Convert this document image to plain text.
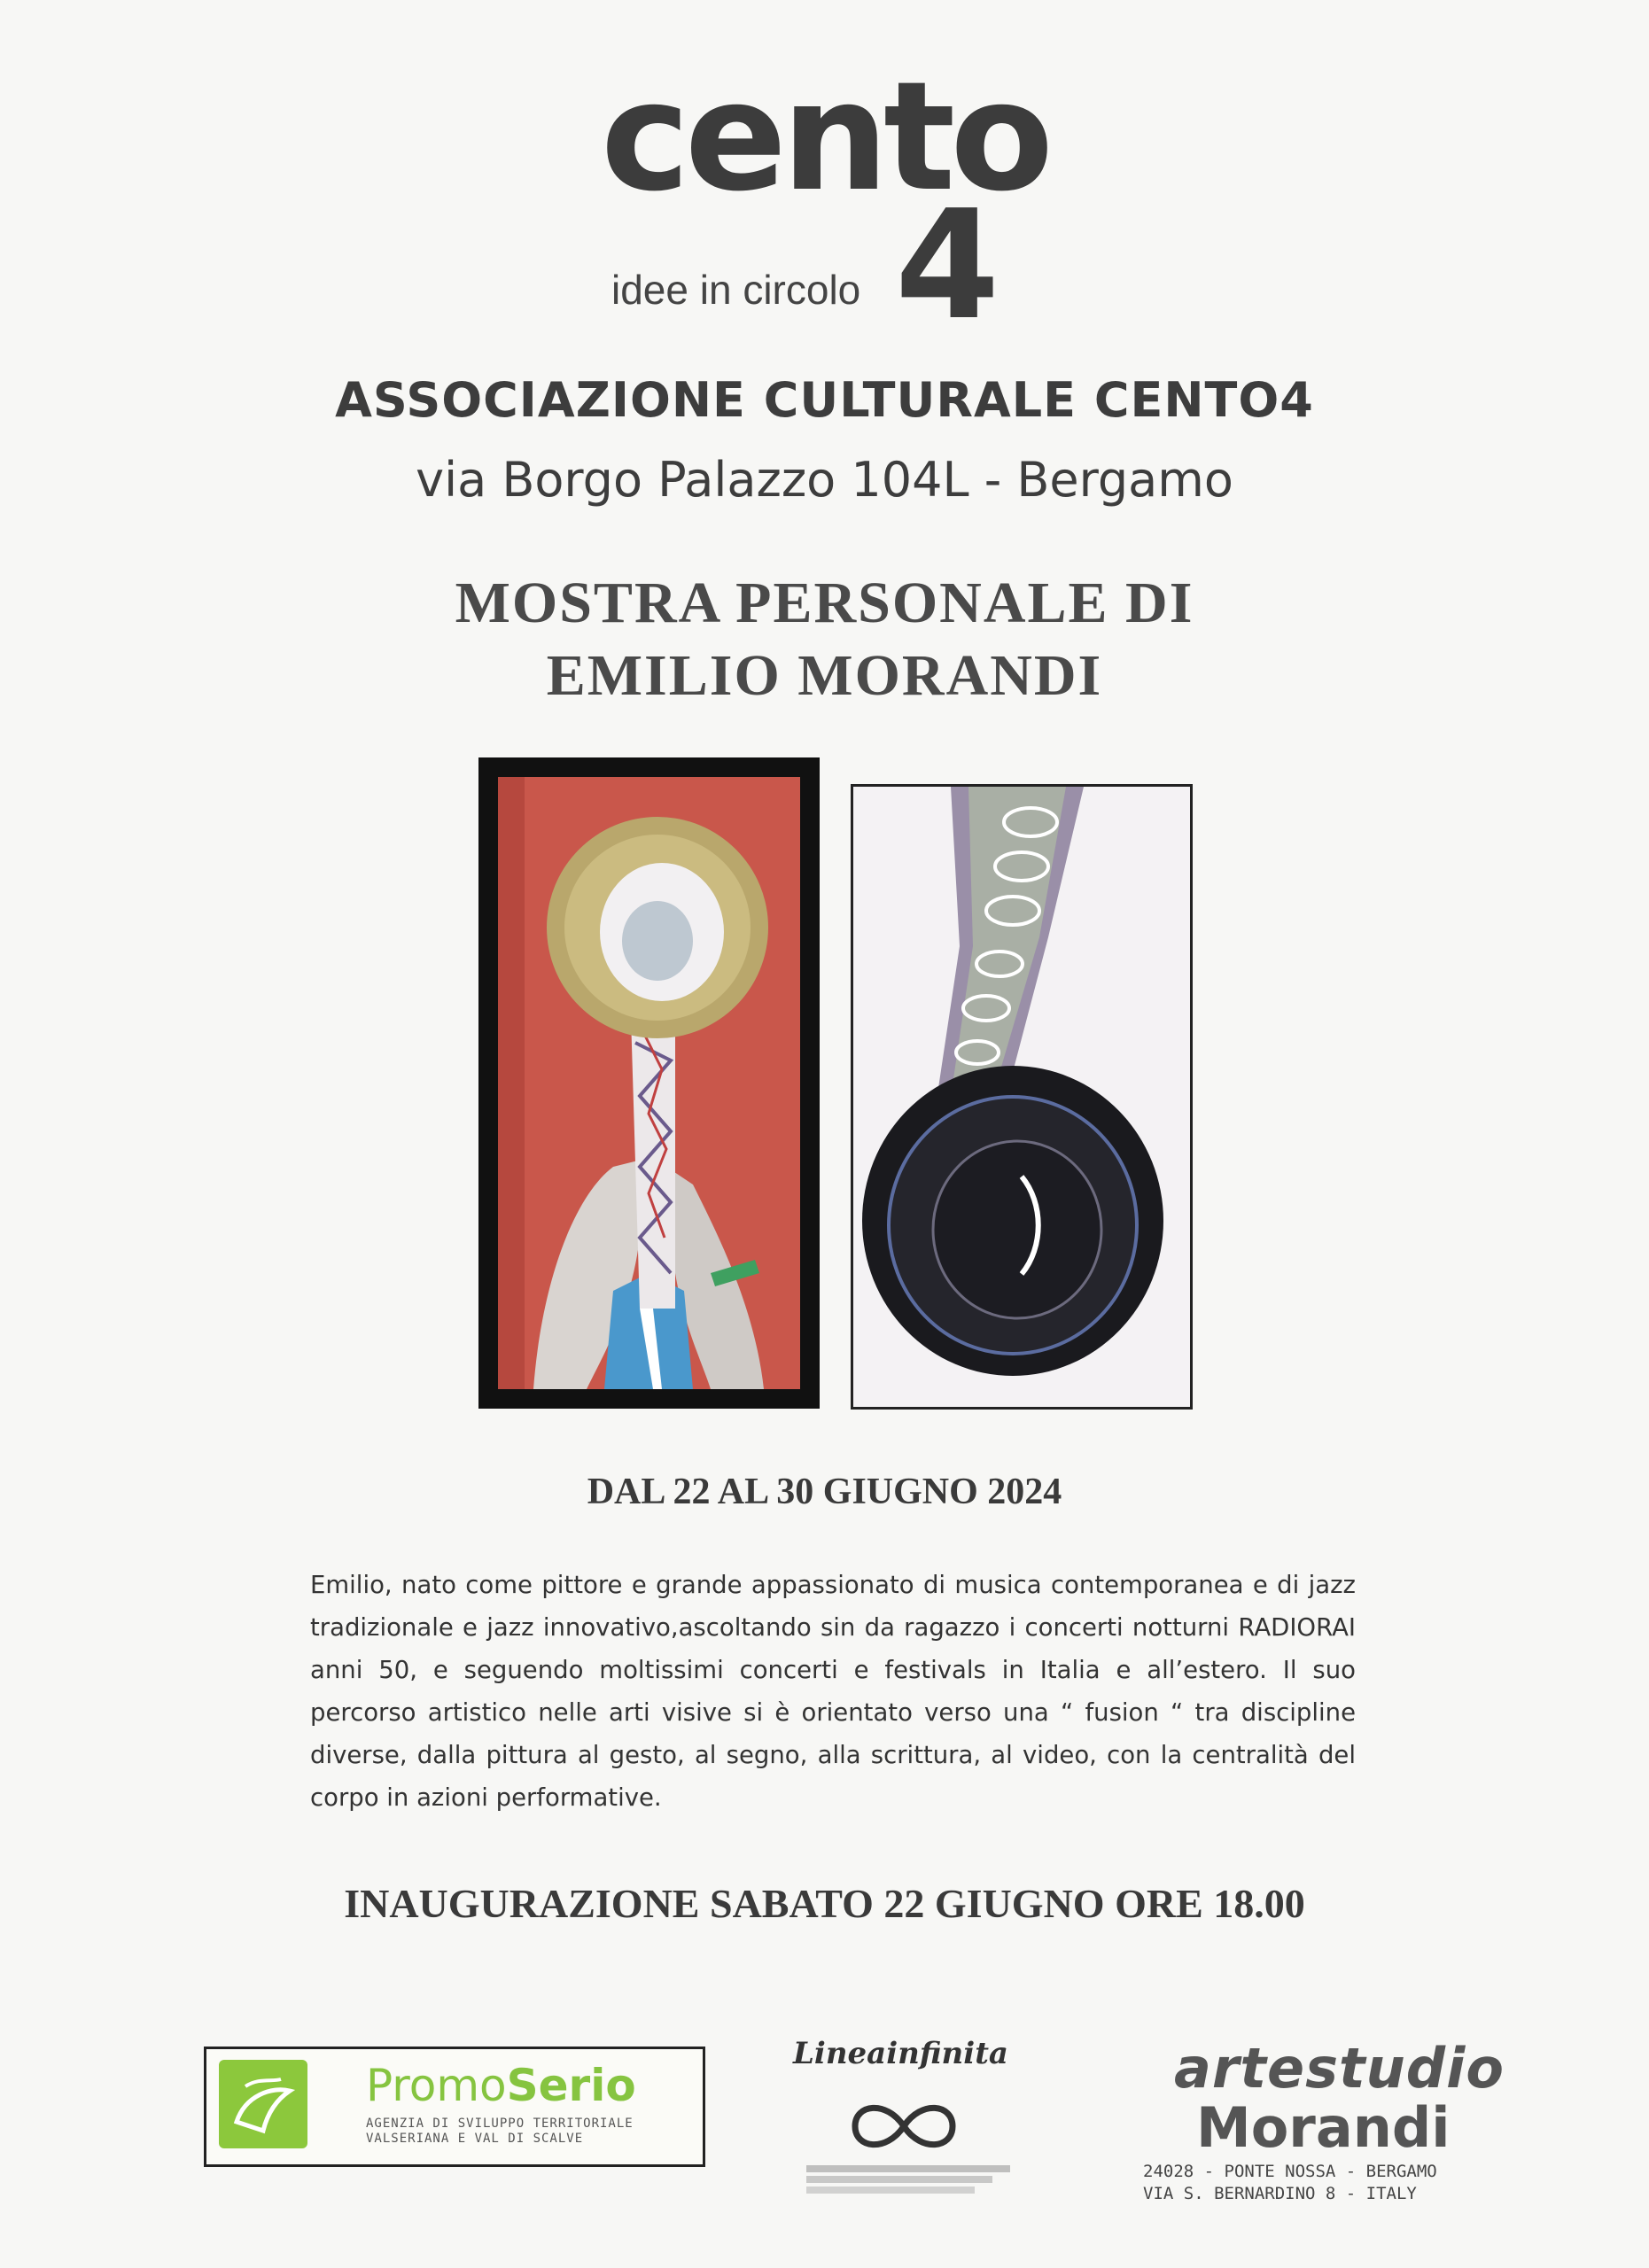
cento
4
idee in circolo
ASSOCIAZIONE CULTURALE CENTO4
via Borgo Palazzo 104L - Bergamo
MOSTRA PERSONALE DI
EMILIO MORANDI
DAL 22 AL 30 GIUGNO 2024
Emilio, nato come pittore e grande appassionato di musica contemporanea e di jazz tradizionale e jazz innovativo,ascoltando sin da ragazzo i concerti notturni RADIORAI anni 50, e seguendo moltissimi concerti e festivals in Italia e all’estero. Il suo percorso artistico nelle arti visive si è orientato verso una “ fusion “ tra discipline diverse, dalla pittura al gesto, al segno, alla scrittura, al video, con la centralità del corpo in azioni performative.
INAUGURAZIONE SABATO 22 GIUGNO ORE 18.00
PromoSerio
AGENZIA DI SVILUPPO TERRITORIALE
VALSERIANA E VAL DI SCALVE
Lineainfinita	artestudio
Morandi
24028 - PONTE NOSSA - BERGAMO
VIA S. BERNARDINO 8 - ITALY
